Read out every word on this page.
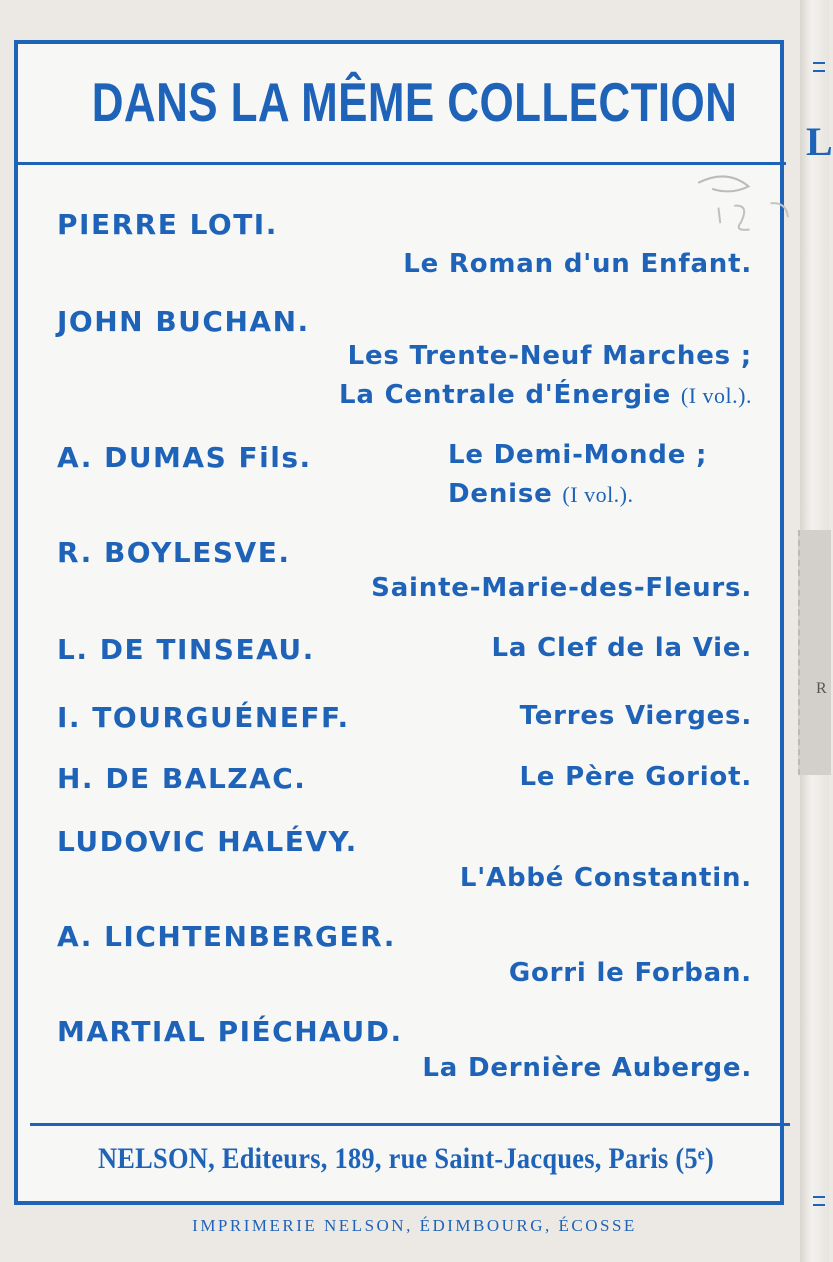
L
R
DANS LA MÊME COLLECTION
PIERRE LOTI.
Le Roman d'un Enfant.
JOHN BUCHAN.
Les Trente-Neuf Marches ;
La Centrale d'Énergie (I vol.).
A. DUMAS Fils.	Le Demi-Monde ;
Denise (I vol.).
R. BOYLESVE.
Sainte-Marie-des-Fleurs.
L. DE TINSEAU.	La Clef de la Vie.
I. TOURGUÉNEFF.	Terres Vierges.
H. DE BALZAC.	Le Père Goriot.
LUDOVIC HALÉVY.
L'Abbé Constantin.
A. LICHTENBERGER.
Gorri le Forban.
MARTIAL PIÉCHAUD.
La Dernière Auberge.
NELSON, Editeurs, 189, rue Saint-Jacques, Paris (5ᵉ)
IMPRIMERIE NELSON, ÉDIMBOURG, ÉCOSSE
